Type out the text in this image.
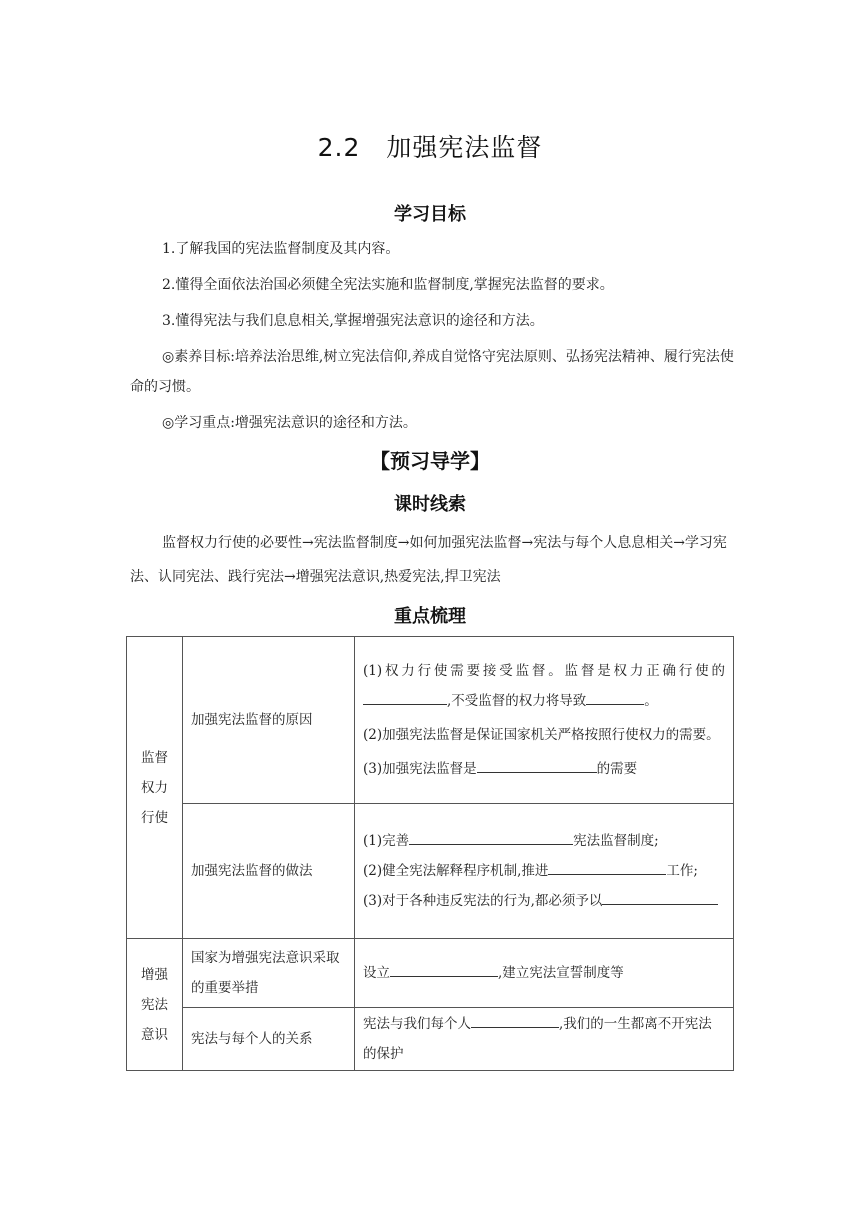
2.2　加强宪法监督
学习目标
1.了解我国的宪法监督制度及其内容。
2.懂得全面依法治国必须健全宪法实施和监督制度,掌握宪法监督的要求。
3.懂得宪法与我们息息相关,掌握增强宪法意识的途径和方法。
◎素养目标:培养法治思维,树立宪法信仰,养成自觉恪守宪法原则、弘扬宪法精神、履行宪法使命的习惯。
◎学习重点:增强宪法意识的途径和方法。
【预习导学】
课时线索
监督权力行使的必要性→宪法监督制度→如何加强宪法监督→宪法与每个人息息相关→学习宪法、认同宪法、践行宪法→增强宪法意识,热爱宪法,捍卫宪法
重点梳理
监督权力行使	加强宪法监督的原因	(1)权力行使需要接受监督。监督是权力正确行使的,不受监督的权力将导致 。
(2)加强宪法监督是保证国家机关严格按照行使权力的需要。
(3)加强宪法监督是 的需要

	加强宪法监督的做法	(1)完善 宪法监督制度;
(2)健全宪法解释程序机制,推进 工作;
(3)对于各种违反宪法的行为,都必须予以

增强宪法意识	国家为增强宪法意识采取的重要举措	设立 ,建立宪法宣誓制度等
	宪法与每个人的关系	宪法与我们每个人 ,我们的一生都离不开宪法的保护
